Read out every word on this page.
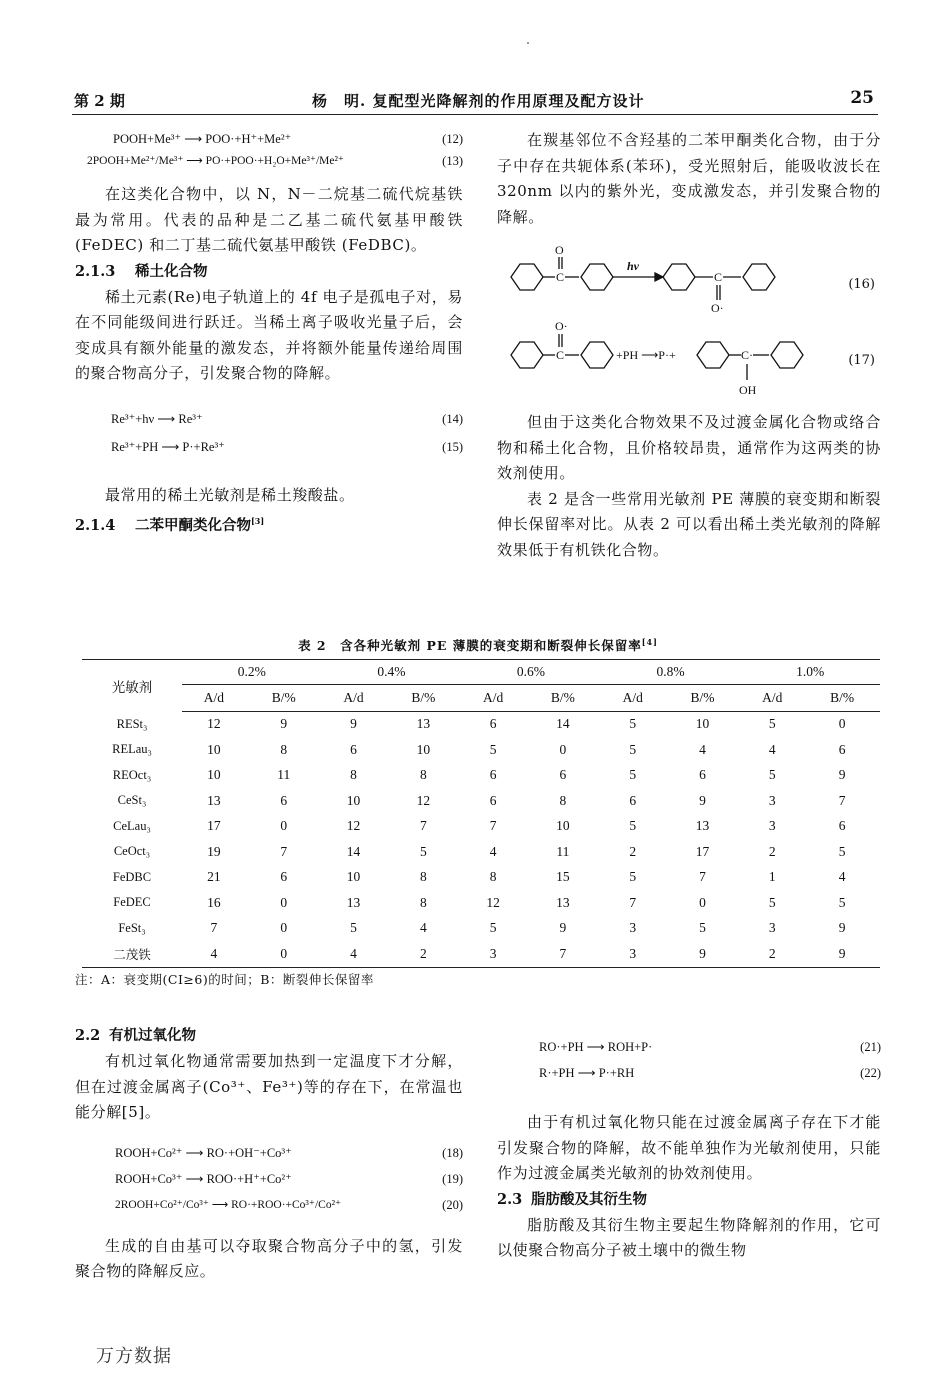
第 2 期	杨　明. 复配型光降解剂的作用原理及配方设计	25
POOH+Me³⁺ ⟶ POO·+H⁺+Me²⁺	(12)
2POOH+Me²⁺/Me³⁺ ⟶ PO·+POO·+H₂O+Me³⁺/Me²⁺	(13)

在这类化合物中，以 N，N－二烷基二硫代烷基铁最为常用。代表的品种是二乙基二硫代氨基甲酸铁 (FeDEC) 和二丁基二硫代氨基甲酸铁 (FeDBC)。

2.1.3 稀土化合物

稀土元素(Re)电子轨道上的 4f 电子是孤电子对，易在不同能级间进行跃迁。当稀土离子吸收光量子后，会变成具有额外能量的激发态，并将额外能量传递给周围的聚合物高分子，引发聚合物的降解。

Re³⁺+hν ⟶ Re³⁺	(14)
Re³⁺+PH ⟶ P·+Re³⁺	(15)

最常用的稀土光敏剂是稀土羧酸盐。

2.1.4 二苯甲酮类化合物[3]

在羰基邻位不含羟基的二苯甲酮类化合物，由于分子中存在共轭体系(苯环)，受光照射后，能吸收波长在 320nm 以内的紫外光，变成激发态，并引发聚合物的降解。

O
C
hν
C
O·
O·
C	+PH ⟶P·+	C·
OH
(16)
(17)

但由于这类化合物效果不及过渡金属化合物或络合物和稀土化合物，且价格较昂贵，通常作为这两类的协效剂使用。

表 2 是含一些常用光敏剂 PE 薄膜的衰变期和断裂伸长保留率对比。从表 2 可以看出稀土类光敏剂的降解效果低于有机铁化合物。

表 2　含各种光敏剂 PE 薄膜的衰变期和断裂伸长保留率[4]
光敏剂	0.2%		0.4%		0.6%		0.8%		1.0%	
	A/d	B/%	A/d	B/%	A/d	B/%	A/d	B/%	A/d	B/%
RESt₃	12	9	9	13	6	14	5	10	5	0
RELau₃	10	8	6	10	5	0	5	4	4	6
REOct₃	10	11	8	8	6	6	5	6	5	9
CeSt₃	13	6	10	12	6	8	6	9	3	7
CeLau₃	17	0	12	7	7	10	5	13	3	6
CeOct₃	19	7	14	5	4	11	2	17	2	5
FeDBC	21	6	10	8	8	15	5	7	1	4
FeDEC	16	0	13	8	12	13	7	0	5	5
FeSt₃	7	0	5	4	5	9	3	5	3	9
二茂铁	4	0	4	2	3	7	3	9	2	9
注：A：衰变期(CI≥6)的时间；B：断裂伸长保留率
2.2 有机过氧化物

有机过氧化物通常需要加热到一定温度下才分解，但在过渡金属离子(Co³⁺、Fe³⁺)等的存在下，在常温也能分解[5]。

ROOH+Co²⁺ ⟶ RO·+OH⁻+Co³⁺	(18)
ROOH+Co³⁺ ⟶ ROO·+H⁺+Co²⁺	(19)
2ROOH+Co²⁺/Co³⁺ ⟶ RO·+ROO·+Co³⁺/Co²⁺	(20)

生成的自由基可以夺取聚合物高分子中的氢，引发聚合物的降解反应。

RO·+PH ⟶ ROH+P·	(21)
R·+PH ⟶ P·+RH	(22)

由于有机过氧化物只能在过渡金属离子存在下才能引发聚合物的降解，故不能单独作为光敏剂使用，只能作为过渡金属类光敏剂的协效剂使用。

2.3 脂肪酸及其衍生物

脂肪酸及其衍生物主要起生物降解剂的作用，它可以使聚合物高分子被土壤中的微生物

万方数据
